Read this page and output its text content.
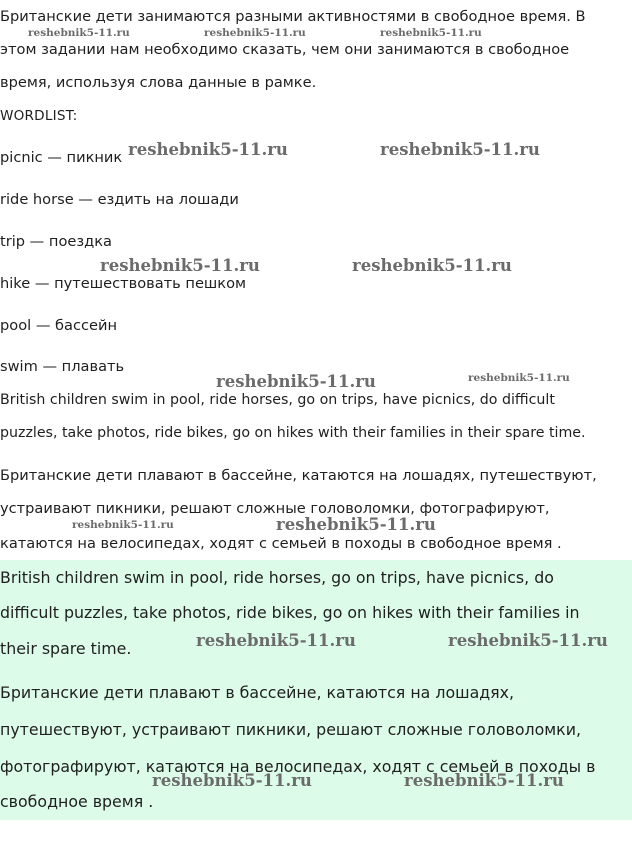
Британские дети занимаются разными активностями в свободное время. В

этом задании нам необходимо сказать, чем они занимаются в свободное

время, используя слова данные в рамке.

WORDLIST:

picnic — пикник

ride horse — ездить на лошади

trip — поездка

hike — путешествовать пешком

pool — бассейн

swim — плавать

British children swim in pool, ride horses, go on trips, have picnics, do difficult

puzzles, take photos, ride bikes, go on hikes with their families in their spare time.

Британские дети плавают в бассейне, катаются на лошадях, путешествуют,

устраивают пикники, решают сложные головоломки, фотографируют,

катаются на велосипедах, ходят с семьей в походы в свободное время .

British children swim in pool, ride horses, go on trips, have picnics, do

difficult puzzles, take photos, ride bikes, go on hikes with their families in

their spare time.

Британские дети плавают в бассейне, катаются на лошадях,

путешествуют, устраивают пикники, решают сложные головоломки,

фотографируют, катаются на велосипедах, ходят с семьей в походы в

свободное время .

reshebnik5-11.ru	reshebnik5-11.ru	reshebnik5-11.ru
reshebnik5-11.ru	reshebnik5-11.ru
reshebnik5-11.ru	reshebnik5-11.ru
reshebnik5-11.ru	reshebnik5-11.ru
reshebnik5-11.ru	reshebnik5-11.ru
reshebnik5-11.ru	reshebnik5-11.ru
reshebnik5-11.ru	reshebnik5-11.ru
